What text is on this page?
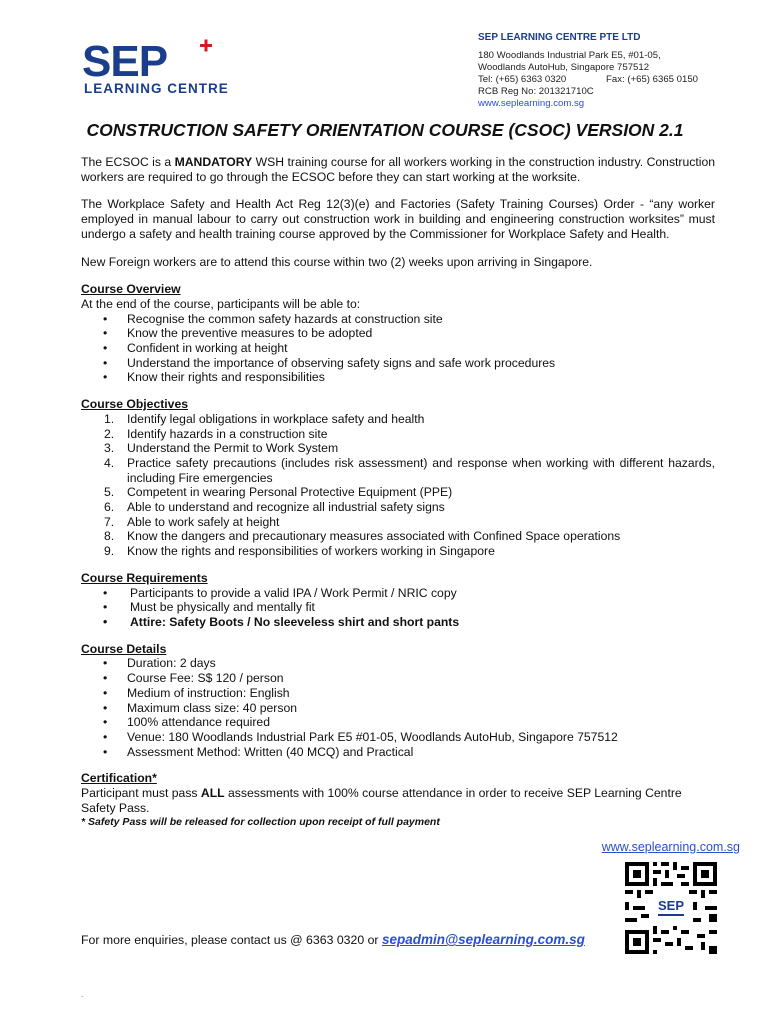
SEP
LEARNING CENTRE
SEP LEARNING CENTRE PTE LTD
180 Woodlands Industrial Park E5, #01-05,
Woodlands AutoHub, Singapore 757512
Tel: (+65) 6363 0320	Fax: (+65) 6365 0150
RCB Reg No: 201321710C
www.seplearning.com.sg
CONSTRUCTION SAFETY ORIENTATION COURSE (CSOC) VERSION 2.1

The ECSOC is a MANDATORY WSH training course for all workers working in the construction industry. Construction workers are required to go through the ECSOC before they can start working at the worksite.

The Workplace Safety and Health Act Reg 12(3)(e) and Factories (Safety Training Courses) Order - “any worker employed in manual labour to carry out construction work in building and engineering construction worksites” must undergo a safety and health training course approved by the Commissioner for Workplace Safety and Health.

New Foreign workers are to attend this course within two (2) weeks upon arriving in Singapore.

Course Overview
At the end of the course, participants will be able to:
• Recognise the common safety hazards at construction site
• Know the preventive measures to be adopted
• Confident in working at height
• Understand the importance of observing safety signs and safe work procedures
• Know their rights and responsibilities
Course Objectives
1. Identify legal obligations in workplace safety and health
2. Identify hazards in a construction site
3. Understand the Permit to Work System
4. Practice safety precautions (includes risk assessment) and response when working with different hazards, including Fire emergencies
5. Competent in wearing Personal Protective Equipment (PPE)
6. Able to understand and recognize all industrial safety signs
7. Able to work safely at height
8. Know the dangers and precautionary measures associated with Confined Space operations
9. Know the rights and responsibilities of workers working in Singapore
Course Requirements
• Participants to provide a valid IPA / Work Permit / NRIC copy
• Must be physically and mentally fit
• Attire: Safety Boots / No sleeveless shirt and short pants
Course Details
• Duration: 2 days
• Course Fee: S$ 120 / person
• Medium of instruction: English
• Maximum class size: 40 person
• 100% attendance required
• Venue: 180 Woodlands Industrial Park E5 #01-05, Woodlands AutoHub, Singapore 757512
• Assessment Method: Written (40 MCQ) and Practical
Certification*
Participant must pass ALL assessments with 100% course attendance in order to receive SEP Learning Centre Safety Pass.
* Safety Pass will be released for collection upon receipt of full payment
www.seplearning.com.sg
SEP
For more enquiries, please contact us @ 6363 0320 or sepadmin@seplearning.com.sg
.
